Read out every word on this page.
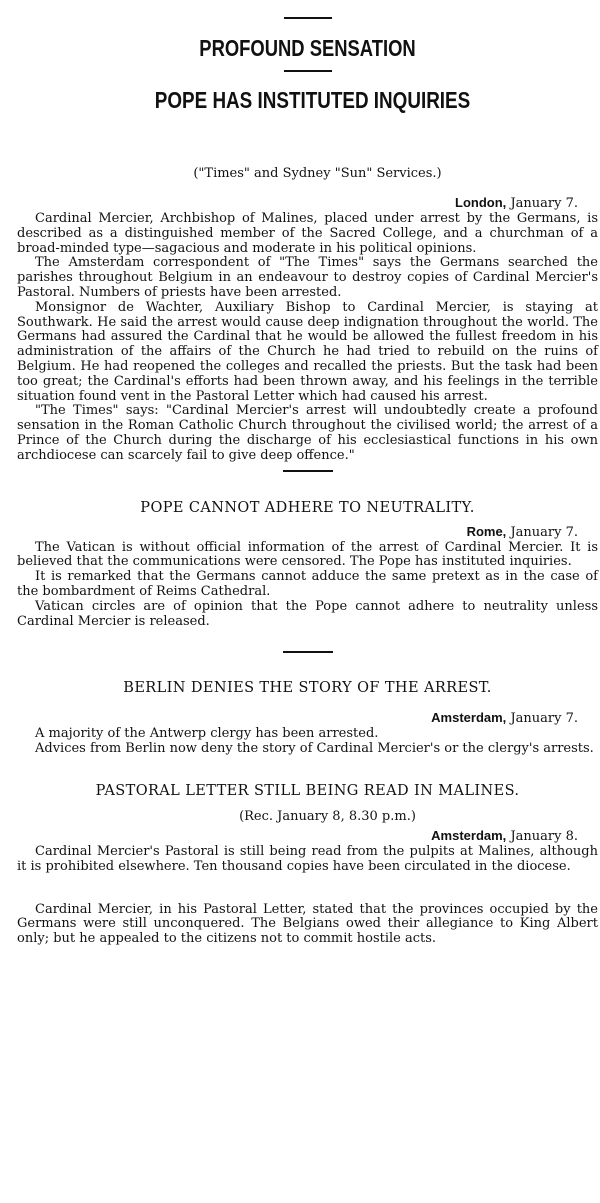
PROFOUND SENSATION
POPE HAS INSTITUTED INQUIRIES
("Times" and Sydney "Sun" Services.)
London, January 7.

Cardinal Mercier, Archbishop of Malines, placed under arrest by the Germans, is described as a distinguished member of the Sacred College, and a churchman of a broad-minded type—sagacious and moderate in his political opinions.

The Amsterdam correspondent of "The Times" says the Germans searched the parishes throughout Belgium in an endeavour to destroy copies of Cardinal Mercier's Pastoral. Numbers of priests have been arrested.

Monsignor de Wachter, Auxiliary Bishop to Cardinal Mercier, is staying at Southwark. He said the arrest would cause deep indignation throughout the world. The Germans had assured the Cardinal that he would be allowed the fullest freedom in his administration of the affairs of the Church he had tried to rebuild on the ruins of Belgium. He had reopened the colleges and recalled the priests. But the task had been too great; the Cardinal's efforts had been thrown away, and his feelings in the terrible situation found vent in the Pastoral Letter which had caused his arrest.

"The Times" says: "Cardinal Mercier's arrest will undoubtedly create a profound sensation in the Roman Catholic Church throughout the civilised world; the arrest of a Prince of the Church during the discharge of his ecclesiastical functions in his own archdiocese can scarcely fail to give deep offence."

POPE CANNOT ADHERE TO NEUTRALITY.
Rome, January 7.

The Vatican is without official information of the arrest of Cardinal Mercier. It is believed that the communications were censored. The Pope has instituted inquiries.

It is remarked that the Germans cannot adduce the same pretext as in the case of the bombardment of Reims Cathedral.

Vatican circles are of opinion that the Pope cannot adhere to neutrality unless Cardinal Mercier is released.

BERLIN DENIES THE STORY OF THE ARREST.
Amsterdam, January 7.

A majority of the Antwerp clergy has been arrested.

Advices from Berlin now deny the story of Cardinal Mercier's or the clergy's arrests.

PASTORAL LETTER STILL BEING READ IN MALINES.
(Rec. January 8, 8.30 p.m.)
Amsterdam, January 8.

Cardinal Mercier's Pastoral is still being read from the pulpits at Malines, although it is prohibited elsewhere. Ten thousand copies have been circulated in the diocese.

Cardinal Mercier, in his Pastoral Letter, stated that the provinces occupied by the Germans were still unconquered. The Belgians owed their allegiance to King Albert only; but he appealed to the citizens not to commit hostile acts.
